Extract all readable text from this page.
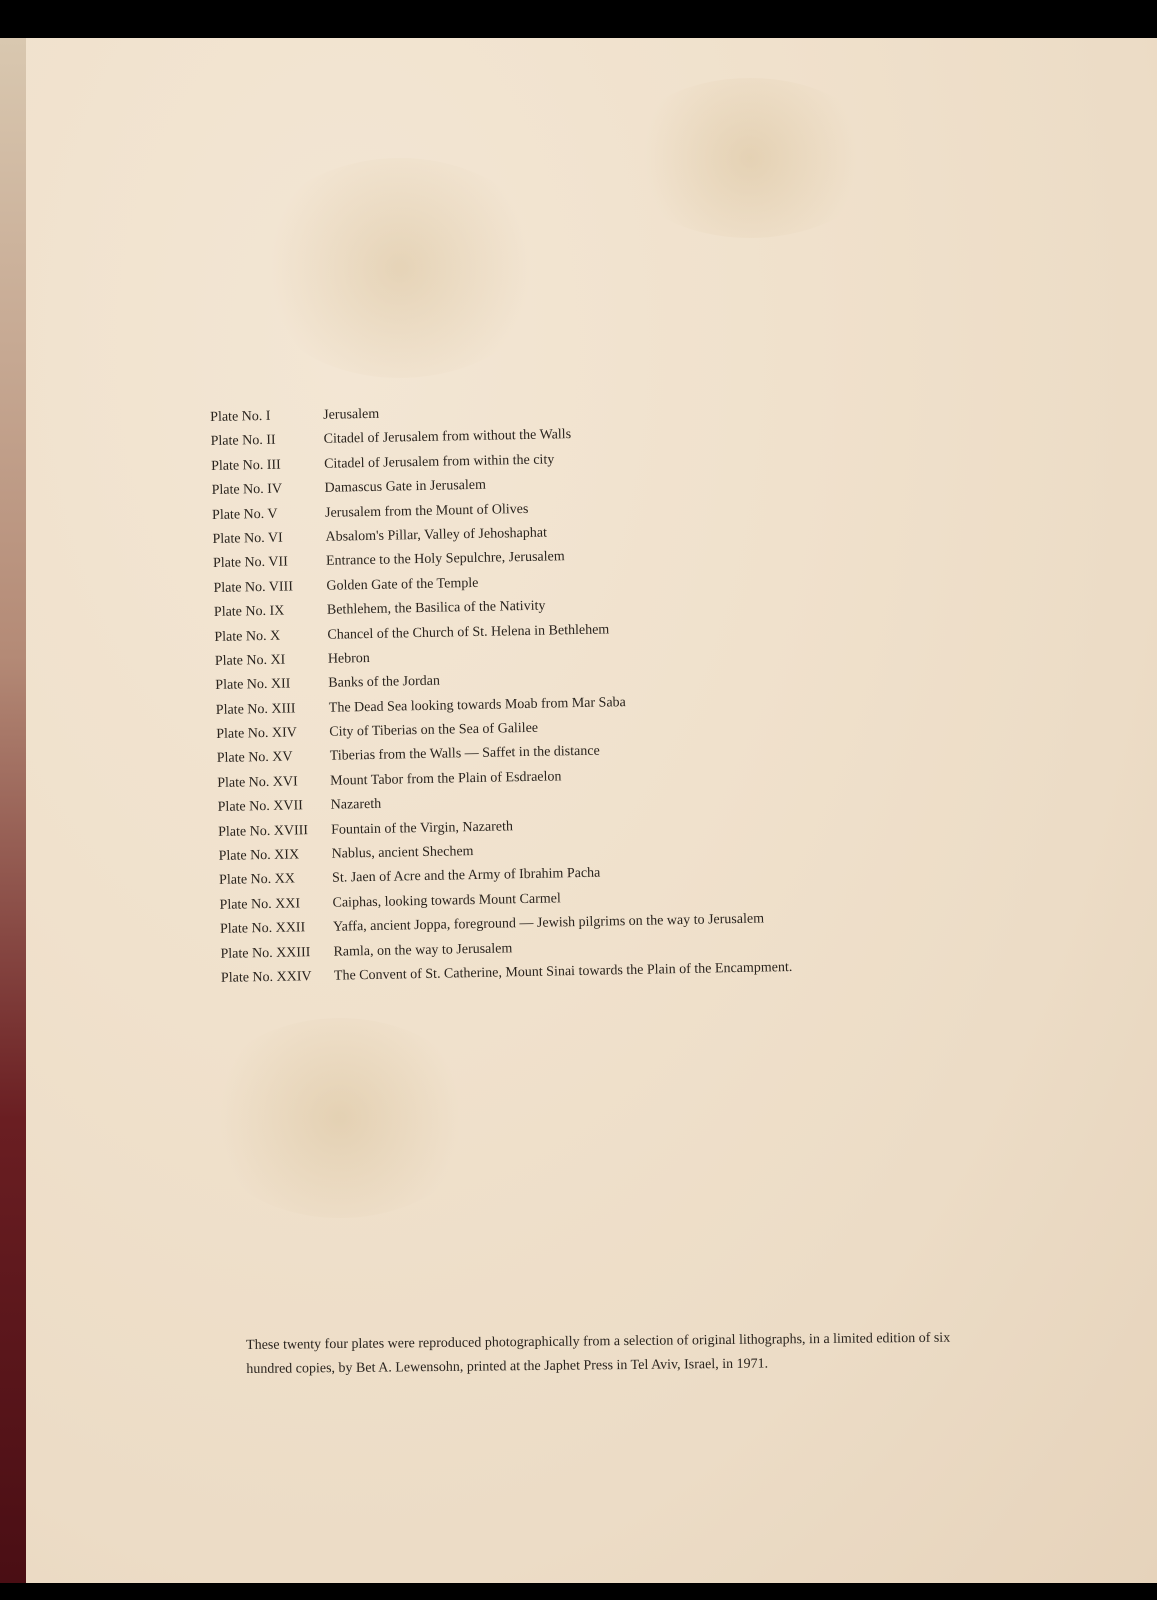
Plate No. I	Jerusalem
Plate No. II	Citadel of Jerusalem from without the Walls
Plate No. III	Citadel of Jerusalem from within the city
Plate No. IV	Damascus Gate in Jerusalem
Plate No. V	Jerusalem from the Mount of Olives
Plate No. VI	Absalom's Pillar, Valley of Jehoshaphat
Plate No. VII	Entrance to the Holy Sepulchre, Jerusalem
Plate No. VIII	Golden Gate of the Temple
Plate No. IX	Bethlehem, the Basilica of the Nativity
Plate No. X	Chancel of the Church of St. Helena in Bethlehem
Plate No. XI	Hebron
Plate No. XII	Banks of the Jordan
Plate No. XIII	The Dead Sea looking towards Moab from Mar Saba
Plate No. XIV	City of Tiberias on the Sea of Galilee
Plate No. XV	Tiberias from the Walls — Saffet in the distance
Plate No. XVI	Mount Tabor from the Plain of Esdraelon
Plate No. XVII	Nazareth
Plate No. XVIII	Fountain of the Virgin, Nazareth
Plate No. XIX	Nablus, ancient Shechem
Plate No. XX	St. Jaen of Acre and the Army of Ibrahim Pacha
Plate No. XXI	Caiphas, looking towards Mount Carmel
Plate No. XXII	Yaffa, ancient Joppa, foreground — Jewish pilgrims on the way to Jerusalem
Plate No. XXIII	Ramla, on the way to Jerusalem
Plate No. XXIV	The Convent of St. Catherine, Mount Sinai towards the Plain of the Encampment.
These twenty four plates were reproduced photographically from a selection of original lithographs, in a limited edition of six hundred copies, by Bet A. Lewensohn, printed at the Japhet Press in Tel Aviv, Israel, in 1971.
